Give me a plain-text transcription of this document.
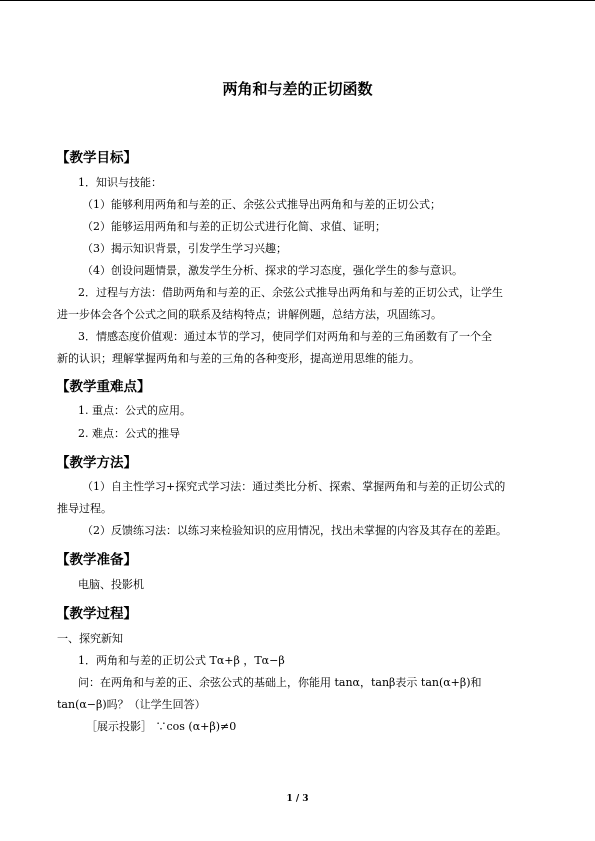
两角和与差的正切函数
【教学目标】
1．知识与技能：
（1）能够利用两角和与差的正、余弦公式推导出两角和与差的正切公式；
（2）能够运用两角和与差的正切公式进行化简、求值、证明；
（3）揭示知识背景，引发学生学习兴趣；
（4）创设问题情景，激发学生分析、探求的学习态度，强化学生的参与意识。
2．过程与方法：借助两角和与差的正、余弦公式推导出两角和与差的正切公式，让学生
进一步体会各个公式之间的联系及结构特点；讲解例题，总结方法，巩固练习。
3．情感态度价值观：通过本节的学习，使同学们对两角和与差的三角函数有了一个全
新的认识；理解掌握两角和与差的三角的各种变形，提高逆用思维的能力。
【教学重难点】
1. 重点：公式的应用。
2. 难点：公式的推导
【教学方法】
（1）自主性学习+探究式学习法：通过类比分析、探索、掌握两角和与差的正切公式的
推导过程。
（2）反馈练习法：以练习来检验知识的应用情况，找出未掌握的内容及其存在的差距。
【教学准备】
电脑、投影机
【教学过程】
一、探究新知
1．两角和与差的正切公式 Tα+β ，Tα−β
问：在两角和与差的正、余弦公式的基础上，你能用 tanα，tanβ表示 tan(α+β)和
tan(α−β)吗？（让学生回答）
［展示投影］ ∵cos (α+β)≠0
1 / 3
